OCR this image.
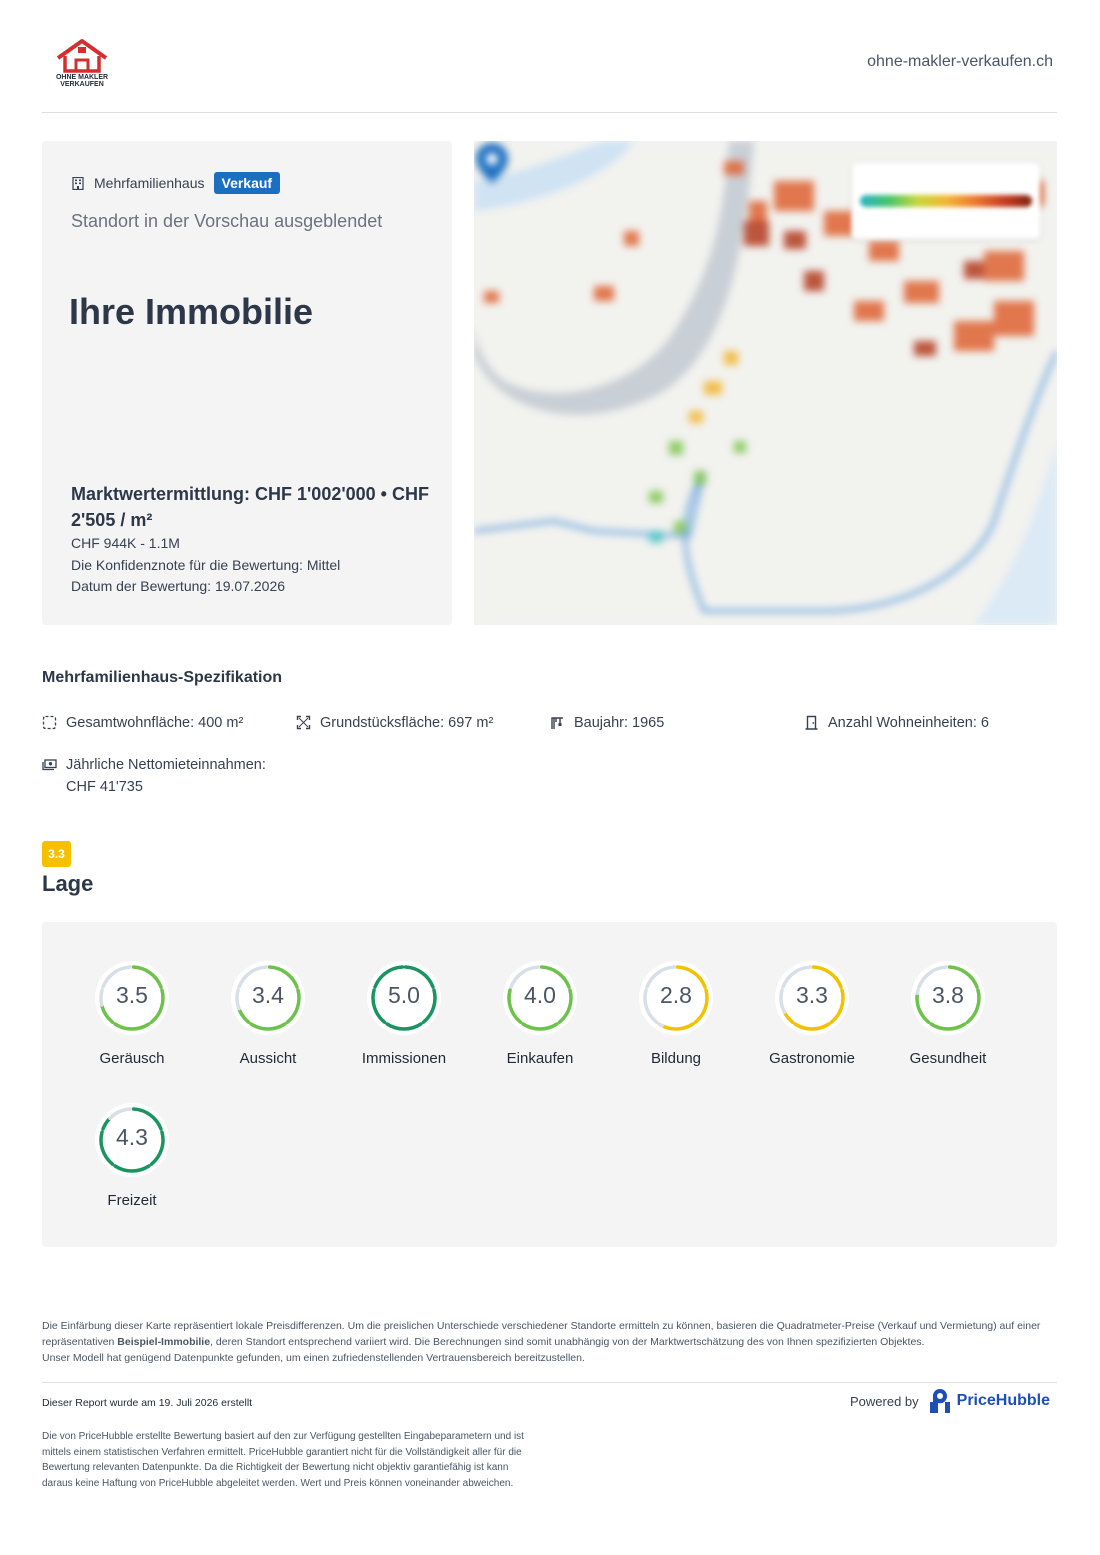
OHNE MAKLER
VERKAUFEN
ohne-makler-verkaufen.ch
Mehrfamilienhaus	Verkauf
Standort in der Vorschau ausgeblendet
Ihre Immobilie
Marktwertermittlung: CHF 1'002'000 • CHF 2'505 / m²
CHF 944K - 1.1M
Die Konfidenznote für die Bewertung: Mittel
Datum der Bewertung: 19.07.2026
Mehrfamilienhaus-Spezifikation
Gesamtwohnfläche: 400 m²	Grundstücksfläche: 697 m²	Baujahr: 1965	Anzahl Wohneinheiten: 6
Jährliche Nettomieteinnahmen:
CHF 41'735
3.3
Lage
3.5
Geräusch
3.4
Aussicht
5.0
Immissionen
4.0
Einkaufen
2.8
Bildung
3.3
Gastronomie
3.8
Gesundheit
4.3
Freizeit
Die Einfärbung dieser Karte repräsentiert lokale Preisdifferenzen. Um die preislichen Unterschiede verschiedener Standorte ermitteln zu können, basieren die Quadratmeter-Preise (Verkauf und Vermietung) auf einer repräsentativen Beispiel-Immobilie, deren Standort entsprechend variiert wird. Die Berechnungen sind somit unabhängig von der Marktwertschätzung des von Ihnen spezifizierten Objektes.
Unser Modell hat genügend Datenpunkte gefunden, um einen zufriedenstellenden Vertrauensbereich bereitzustellen.
Dieser Report wurde am 19. Juli 2026 erstellt	Powered by PriceHubble
Die von PriceHubble erstellte Bewertung basiert auf den zur Verfügung gestellten Eingabeparametern und ist mittels einem statistischen Verfahren ermittelt. PriceHubble garantiert nicht für die Vollständigkeit aller für die Bewertung relevanten Datenpunkte. Da die Richtigkeit der Bewertung nicht objektiv garantiefähig ist kann daraus keine Haftung von PriceHubble abgeleitet werden. Wert und Preis können voneinander abweichen.
